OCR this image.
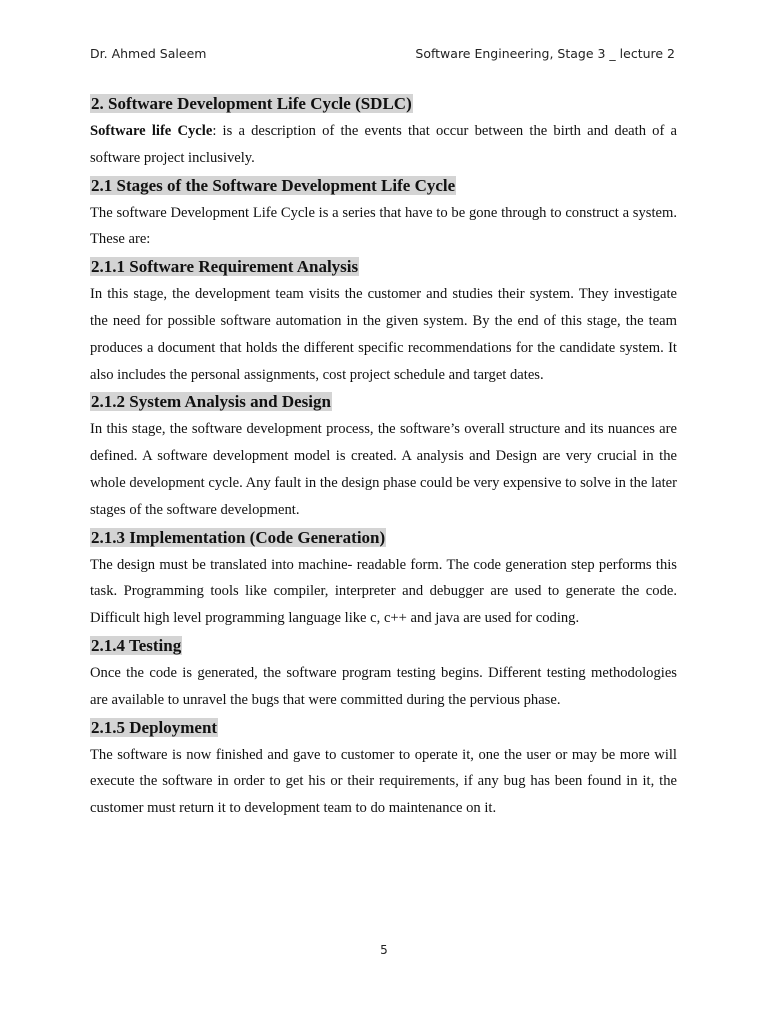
Dr. Ahmed Saleem	Software Engineering, Stage 3 _ lecture 2
2. Software Development Life Cycle (SDLC)

Software life Cycle: is a description of the events that occur between the birth and death of a software project inclusively.

2.1 Stages of the Software Development Life Cycle

The software Development Life Cycle is a series that have to be gone through to construct a system. These are:

2.1.1 Software Requirement Analysis

In this stage, the development team visits the customer and studies their system. They investigate the need for possible software automation in the given system. By the end of this stage, the team produces a document that holds the different specific recommendations for the candidate system. It also includes the personal assignments, cost project schedule and target dates.

2.1.2 System Analysis and Design

In this stage, the software development process, the software’s overall structure and its nuances are defined. A software development model is created. A analysis and Design are very crucial in the whole development cycle. Any fault in the design phase could be very expensive to solve in the later stages of the software development.

2.1.3 Implementation (Code Generation)

The design must be translated into machine- readable form. The code generation step performs this task. Programming tools like compiler, interpreter and debugger are used to generate the code. Difficult high level programming language like c, c++ and java are used for coding.

2.1.4 Testing

Once the code is generated, the software program testing begins. Different testing methodologies are available to unravel the bugs that were committed during the pervious phase.

2.1.5 Deployment

The software is now finished and gave to customer to operate it, one the user or may be more will execute the software in order to get his or their requirements, if any bug has been found in it, the customer must return it to development team to do maintenance on it.

5
